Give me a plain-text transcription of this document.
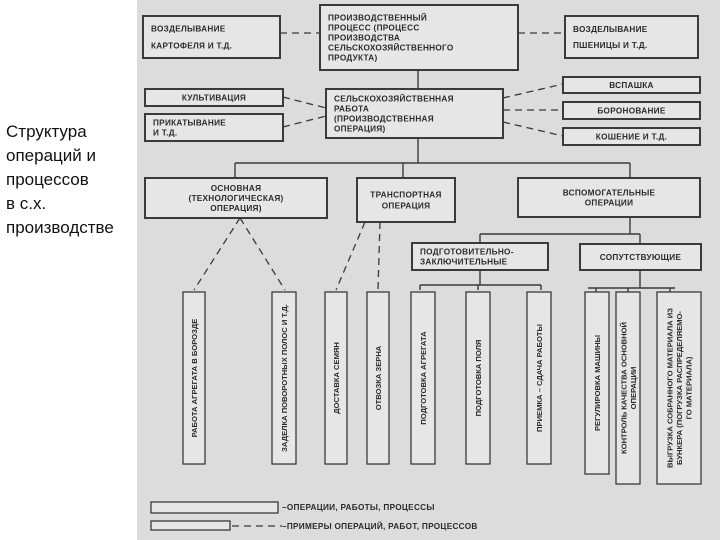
Структура
операций и
процессов
в с.х.
производстве
ВОЗДЕЛЫВАНИЕ
КАРТОФЕЛЯ И Т.Д.
ПРОИЗВОДСТВЕННЫЙ
ПРОЦЕСС (ПРОЦЕСС
ПРОИЗВОДСТВА
СЕЛЬСКОХОЗЯЙСТВЕННОГО
ПРОДУКТА)
ВОЗДЕЛЫВАНИЕ
ПШЕНИЦЫ И Т.Д.
КУЛЬТИВАЦИЯ
ПРИКАТЫВАНИЕ
И Т.Д.
СЕЛЬСКОХОЗЯЙСТВЕННАЯ
РАБОТА
(ПРОИЗВОДСТВЕННАЯ
ОПЕРАЦИЯ)
ВСПАШКА
БОРОНОВАНИЕ
КОШЕНИЕ И Т.Д.
ОСНОВНАЯ
(ТЕХНОЛОГИЧЕСКАЯ)
ОПЕРАЦИЯ)
ТРАНСПОРТНАЯ
ОПЕРАЦИЯ
ВСПОМОГАТЕЛЬНЫЕ
ОПЕРАЦИИ
ПОДГОТОВИТЕЛЬНО-
ЗАКЛЮЧИТЕЛЬНЫЕ	СОПУТСТВУЮЩИЕ
РАБОТА АГРЕГАТА В БОРОЗДЕ	ЗАДЕЛКА ПОВОРОТНЫХ ПОЛОС И Т.Д.	ДОСТАВКА СЕМЯН	ОТВОЗКА ЗЕРНА	ПОДГОТОВКА АГРЕГАТА	ПОДГОТОВКА ПОЛЯ	ПРИЕМКА – СДАЧА РАБОТЫ	РЕГУЛИРОВКА МАШИНЫ КОНТРОЛЬ КАЧЕСТВА ОСНОВНОЙ ОПЕРАЦИИ	ВЫГРУЗКА СОБРАННОГО МАТЕРИАЛА ИЗ БУНКЕРА (ПОГРУЗКА РАСПРЕДЕЛЯЕМО- ГО МАТЕРИАЛА)
–ОПЕРАЦИИ, РАБОТЫ, ПРОЦЕССЫ
–ПРИМЕРЫ ОПЕРАЦИЙ, РАБОТ, ПРОЦЕССОВ
